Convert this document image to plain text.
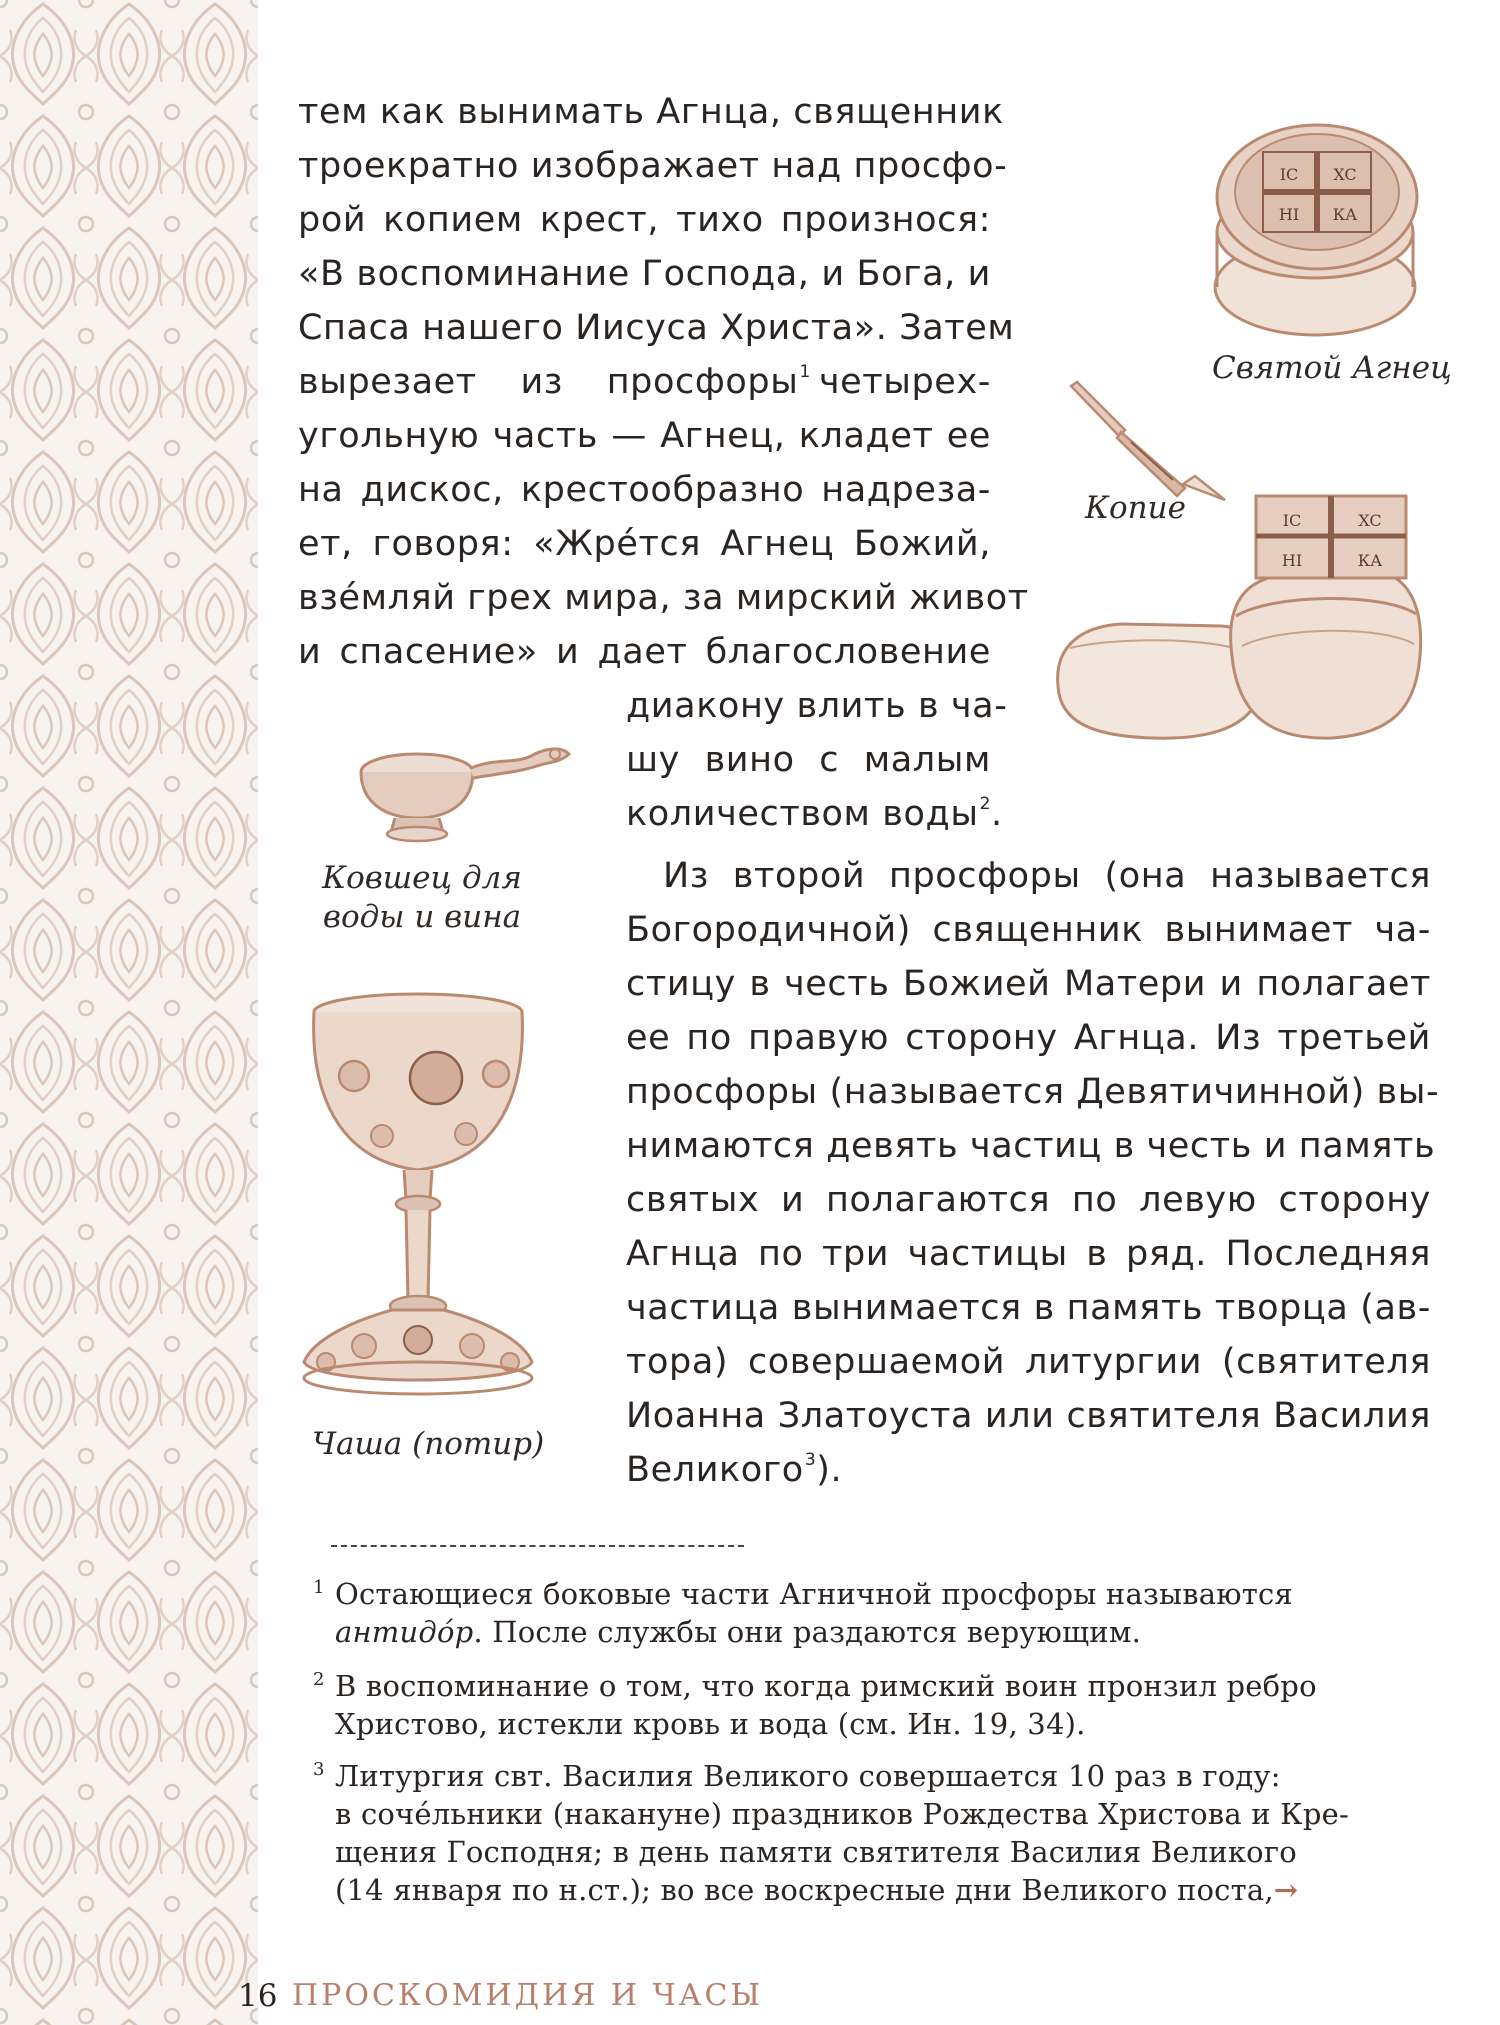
тем как вынимать Агнца, священник
троекратно изображает над просфо-
рой копием крест, тихо произнося:
«В воспоминание Господа, и Бога, и
Спаса нашего Иисуса Христа». Затем
вырезает из просфоры$^1$ четырех-
угольную часть — Агнец, кладет ее
на дискос, крестообразно надреза-
ет, говоря: «Жре́тся Агнец Божий,
взе́мляй грех мира, за мирский живот
и спасение» и дает благословение
диакону влить в ча-
шу вино с малым
количеством воды$^2$.
Из второй просфоры (она называется
Богородичной) священник вынимает ча-
стицу в честь Божией Матери и полагает
ее по правую сторону Агнца. Из третьей
просфоры (называется Девятичинной) вы-
нимаются девять частиц в честь и память
святых и полагаются по левую сторону
Агнца по три частицы в ряд. Последняя
частица вынимается в память творца (ав-
тора) совершаемой литургии (святителя
Иоанна Златоуста или святителя Василия
Великого$^3$).
IC XC
НI КА
Святой Агнец
Копие	IC	XC
НI	КА
Ковшец для
воды и вина
Чаша (потир)
1 Остающиеся боковые части Агничной просфоры называются
антидо́р. После службы они раздаются верующим.
2 В воспоминание о том, что когда римский воин пронзил ребро
Христово, истекли кровь и вода (см. Ин. 19, 34).
3 Литургия свт. Василия Великого совершается 10 раз в году:
в соче́льники (накануне) праздников Рождества Христова и Кре-
щения Господня; в день памяти святителя Василия Великого
(14 января по н.ст.); во все воскресные дни Великого поста,→
16 ПРОСКОМИДИЯ И ЧАСЫ
